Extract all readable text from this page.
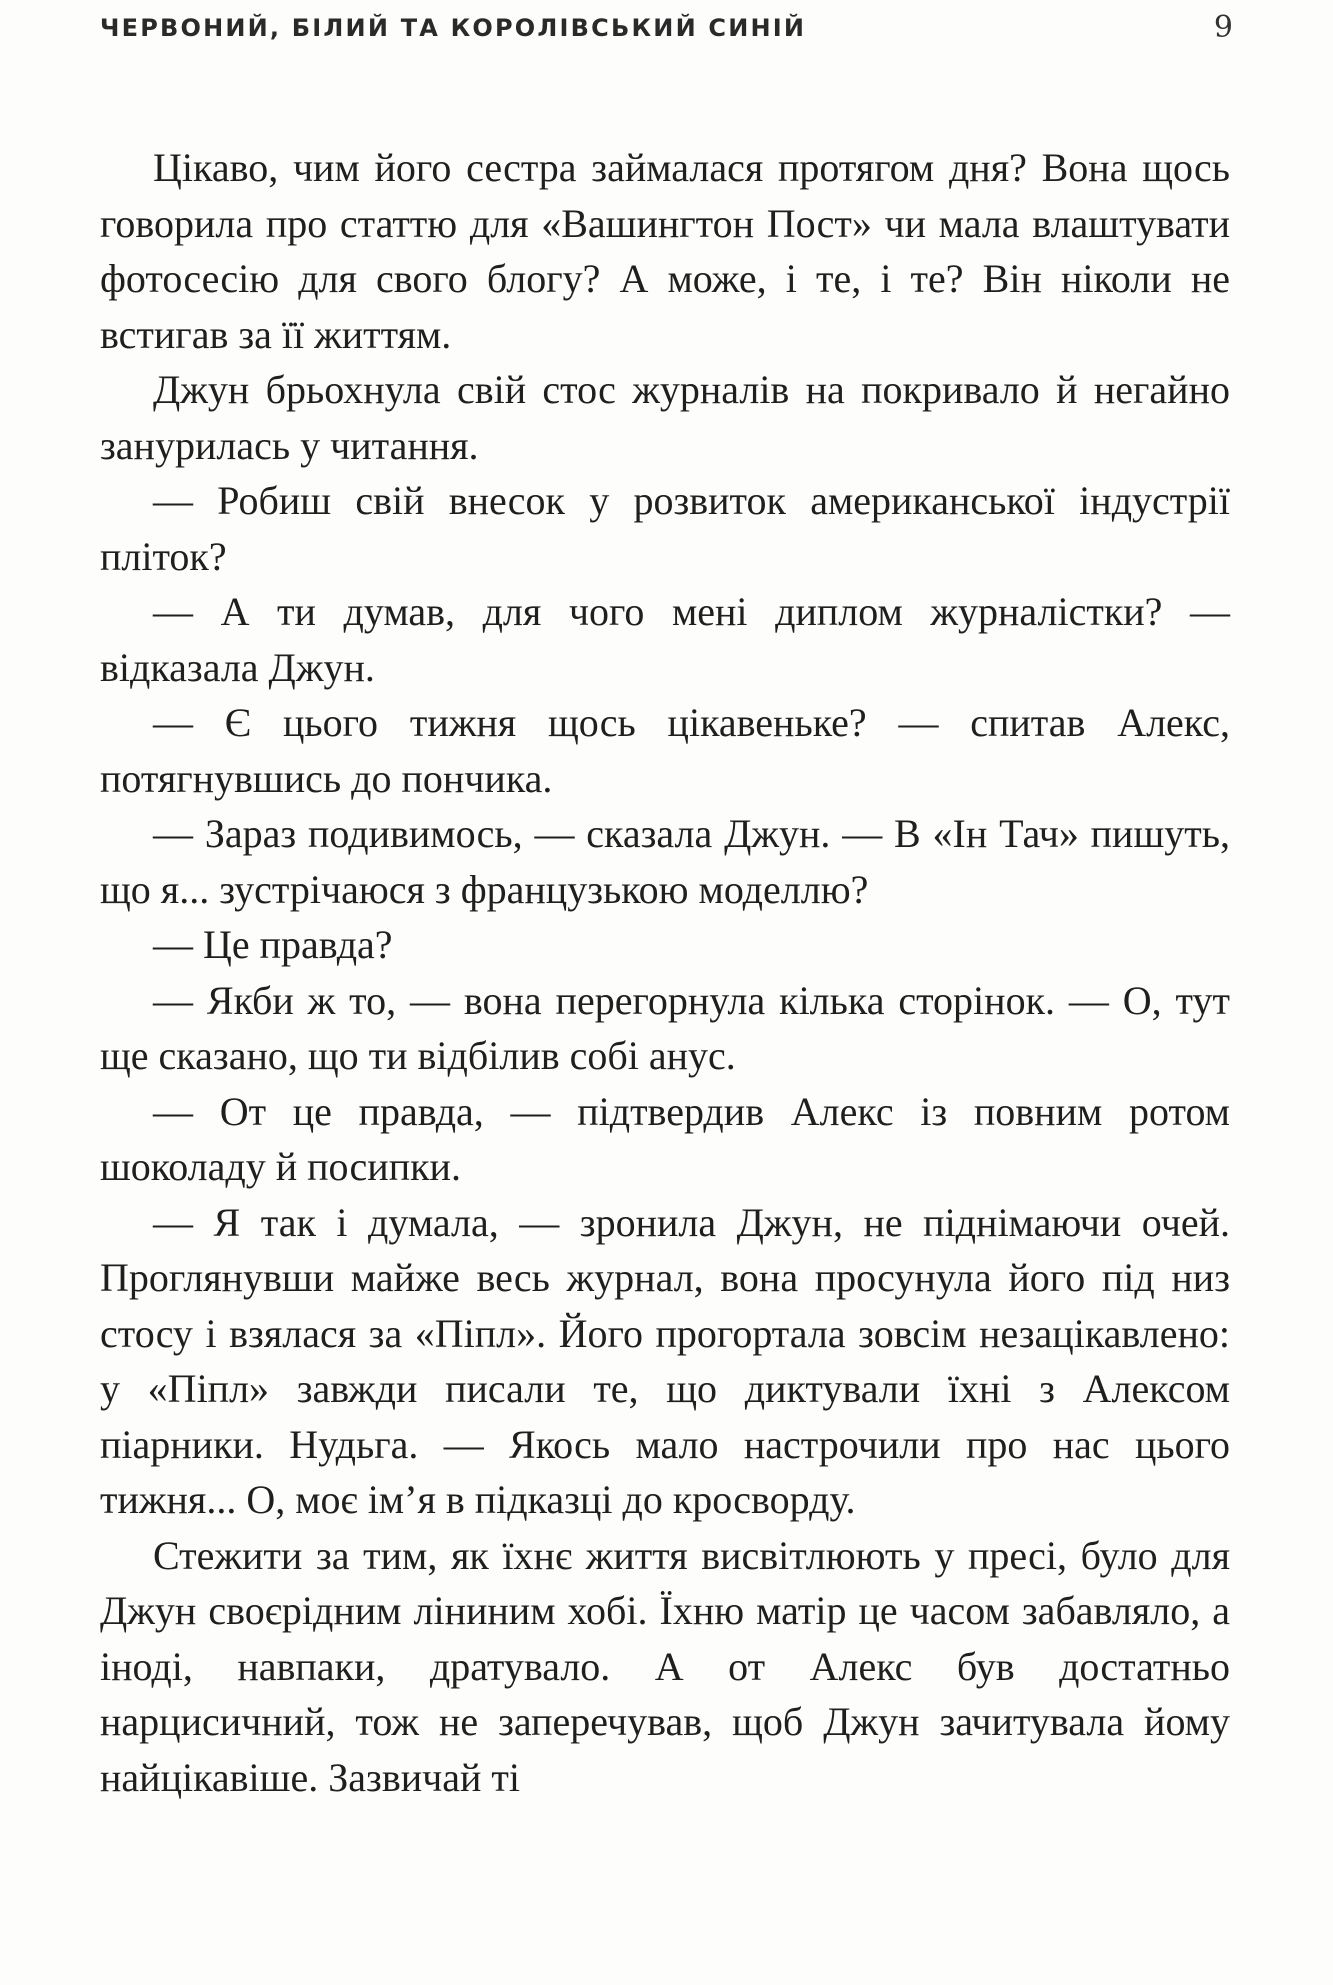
ЧЕРВОНИЙ, БІЛИЙ ТА КОРОЛІВСЬКИЙ СИНІЙ	9

Цікаво, чим його сестра займалася протягом дня? Вона щось говорила про статтю для «Вашингтон Пост» чи мала влаштувати фотосесію для свого блогу? А може, і те, і те? Він ніколи не встигав за її життям.

Джун брьохнула свій стос журналів на покривало й негайно занурилась у читання.

— Робиш свій внесок у розвиток американської індустрії пліток?

— А ти думав, для чого мені диплом журналістки? — відказала Джун.

— Є цього тижня щось цікавеньке? — спитав Алекс, потягнувшись до пончика.

— Зараз подивимось, — сказала Джун. — В «Ін Тач» пишуть, що я... зустрічаюся з французькою моделлю?

— Це правда?

— Якби ж то, — вона перегорнула кілька сторінок. — О, тут ще сказано, що ти відбілив собі анус.

— От це правда, — підтвердив Алекс із повним ротом шоколаду й посипки.

— Я так і думала, — зронила Джун, не піднімаючи очей. Проглянувши майже весь журнал, вона просунула його під низ стосу і взялася за «Піпл». Його прогортала зовсім незацікавлено: у «Піпл» завжди писали те, що диктували їхні з Алексом піарники. Нудьга. — Якось мало настрочили про нас цього тижня... О, моє ім’я в підказці до кросворду.

Стежити за тим, як їхнє життя висвітлюють у пресі, було для Джун своєрідним ліниним хобі. Їхню матір це часом забавляло, а іноді, навпаки, дратувало. А от Алекс був достатньо нарцисичний, тож не заперечував, щоб Джун зачитувала йому найцікавіше. Зазвичай ті
